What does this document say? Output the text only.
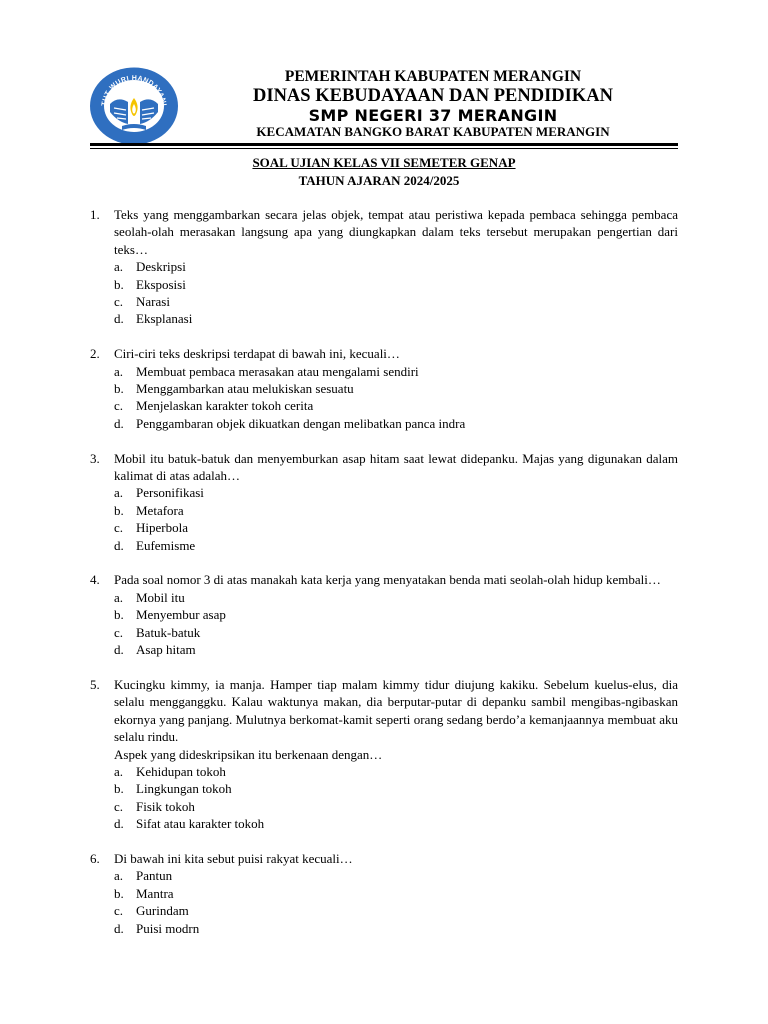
TUT WURI HANDAYANI
PEMERINTAH KABUPATEN MERANGIN
DINAS KEBUDAYAAN DAN PENDIDIKAN
SMP NEGERI 37 MERANGIN
KECAMATAN BANGKO BARAT KABUPATEN MERANGIN
SOAL UJIAN KELAS VII SEMETER GENAP
TAHUN AJARAN 2024/2025
1. Teks yang menggambarkan secara jelas objek, tempat atau peristiwa kepada pembaca sehingga pembaca seolah-olah merasakan langsung apa yang diungkapkan dalam teks tersebut merupakan pengertian dari teks…
a. Deskripsi
b. Eksposisi
c. Narasi
d. Eksplanasi
2. Ciri-ciri teks deskripsi terdapat di bawah ini, kecuali…
a. Membuat pembaca merasakan atau mengalami sendiri
b. Menggambarkan atau melukiskan sesuatu
c. Menjelaskan karakter tokoh cerita
d. Penggambaran objek dikuatkan dengan melibatkan panca indra
3. Mobil itu batuk-batuk dan menyemburkan asap hitam saat lewat didepanku. Majas yang digunakan dalam kalimat di atas adalah…
a. Personifikasi
b. Metafora
c. Hiperbola
d. Eufemisme
4. Pada soal nomor 3 di atas manakah kata kerja yang menyatakan benda mati seolah-olah hidup kembali…
a. Mobil itu
b. Menyembur asap
c. Batuk-batuk
d. Asap hitam
5. Kucingku kimmy, ia manja. Hamper tiap malam kimmy tidur diujung kakiku. Sebelum kuelus-elus, dia selalu mengganggku. Kalau waktunya makan, dia berputar-putar di depanku sambil mengibas-ngibaskan ekornya yang panjang. Mulutnya berkomat-kamit seperti orang sedang berdo’a kemanjaannya membuat aku selalu rindu.
Aspek yang dideskripsikan itu berkenaan dengan…
a. Kehidupan tokoh
b. Lingkungan tokoh
c. Fisik tokoh
d. Sifat atau karakter tokoh
6. Di bawah ini kita sebut puisi rakyat kecuali…
a. Pantun
b. Mantra
c. Gurindam
d. Puisi modrn
